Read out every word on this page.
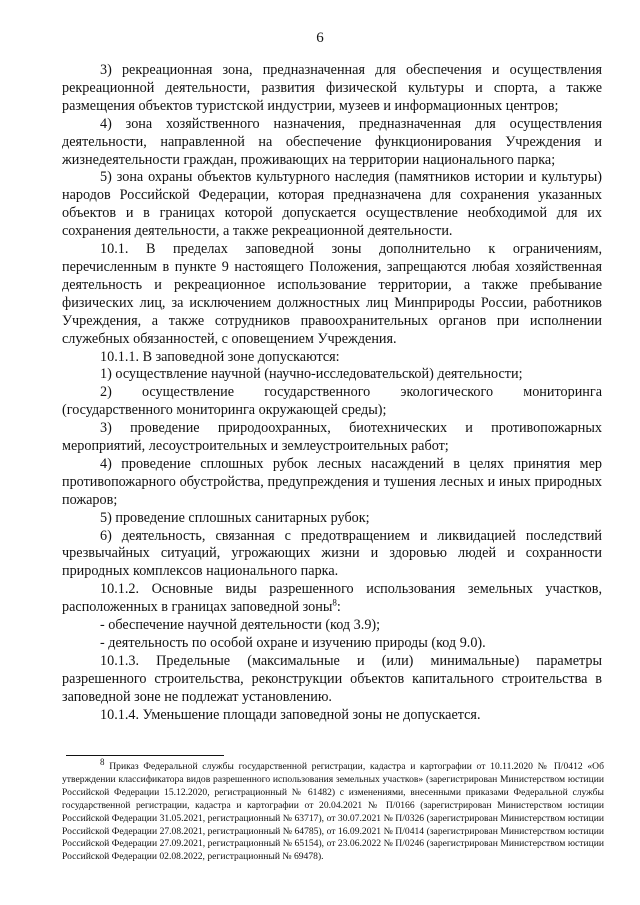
6

3) рекреационная зона, предназначенная для обеспечения и осуществления рекреационной деятельности, развития физической культуры и спорта, а также размещения объектов туристской индустрии, музеев и информационных центров;

4) зона хозяйственного назначения, предназначенная для осуществления деятельности, направленной на обеспечение функционирования Учреждения и жизнедеятельности граждан, проживающих на территории национального парка;

5) зона охраны объектов культурного наследия (памятников истории и культуры) народов Российской Федерации, которая предназначена для сохранения указанных объектов и в границах которой допускается осуществление необходимой для их сохранения деятельности, а также рекреационной деятельности.

10.1. В пределах заповедной зоны дополнительно к ограничениям, перечисленным в пункте 9 настоящего Положения, запрещаются любая хозяйственная деятельность и рекреационное использование территории, а также пребывание физических лиц, за исключением должностных лиц Минприроды России, работников Учреждения, а также сотрудников правоохранительных органов при исполнении служебных обязанностей, с оповещением Учреждения.

10.1.1. В заповедной зоне допускаются:

1) осуществление научной (научно-исследовательской) деятельности;

2) осуществление государственного экологического мониторинга (государственного мониторинга окружающей среды);

3) проведение природоохранных, биотехнических и противопожарных мероприятий, лесоустроительных и землеустроительных работ;

4) проведение сплошных рубок лесных насаждений в целях принятия мер противопожарного обустройства, предупреждения и тушения лесных и иных природных пожаров;

5) проведение сплошных санитарных рубок;

6) деятельность, связанная с предотвращением и ликвидацией последствий чрезвычайных ситуаций, угрожающих жизни и здоровью людей и сохранности природных комплексов национального парка.

10.1.2. Основные виды разрешенного использования земельных участков, расположенных в границах заповедной зоны$^8$:

- обеспечение научной деятельности (код 3.9);

- деятельность по особой охране и изучению природы (код 9.0).

10.1.3. Предельные (максимальные и (или) минимальные) параметры разрешенного строительства, реконструкции объектов капитального строительства в заповедной зоне не подлежат установлению.

10.1.4. Уменьшение площади заповедной зоны не допускается.

$^8$ Приказ Федеральной службы государственной регистрации, кадастра и картографии от 10.11.2020 № П/0412 «Об утверждении классификатора видов разрешенного использования земельных участков» (зарегистрирован Министерством юстиции Российской Федерации 15.12.2020, регистрационный № 61482) с изменениями, внесенными приказами Федеральной службы государственной регистрации, кадастра и картографии от 20.04.2021 № П/0166 (зарегистрирован Министерством юстиции Российской Федерации 31.05.2021, регистрационный № 63717), от 30.07.2021 № П/0326 (зарегистрирован Министерством юстиции Российской Федерации 27.08.2021, регистрационный № 64785), от 16.09.2021 № П/0414 (зарегистрирован Министерством юстиции Российской Федерации 27.09.2021, регистрационный № 65154), от 23.06.2022 № П/0246 (зарегистрирован Министерством юстиции Российской Федерации 02.08.2022, регистрационный № 69478).
